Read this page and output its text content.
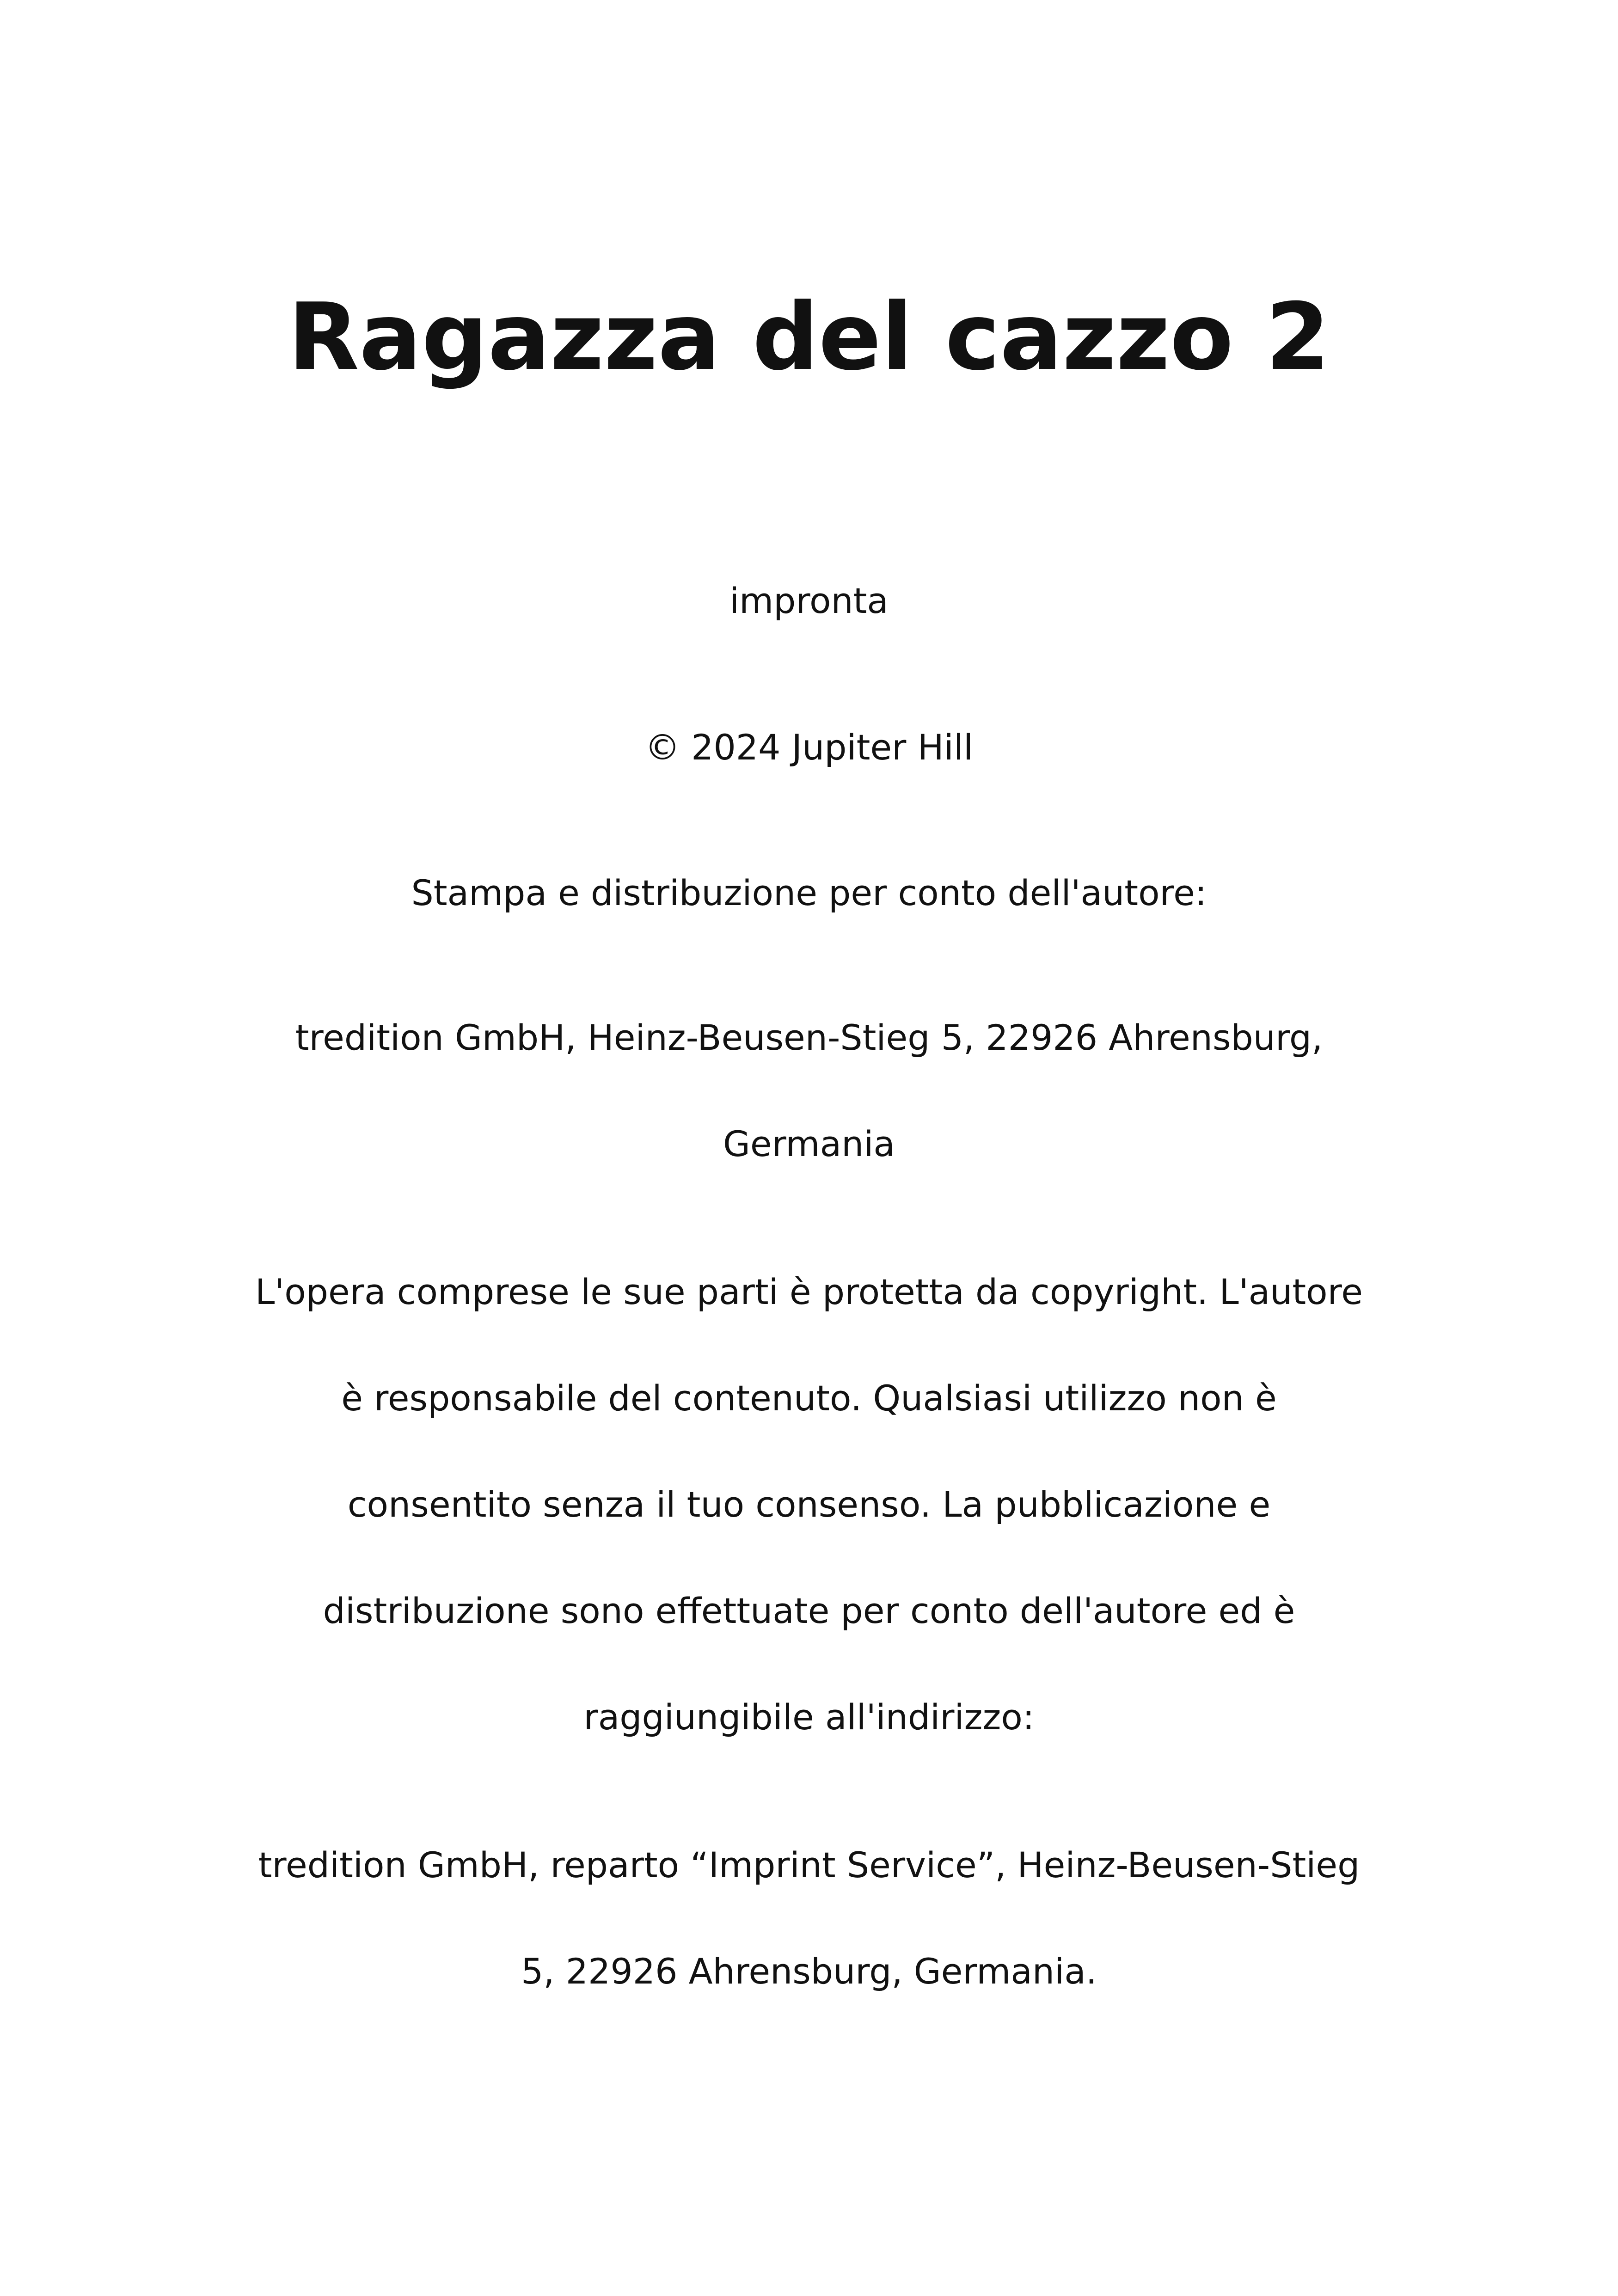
Ragazza del cazzo 2

impronta

© 2024 Jupiter Hill

Stampa e distribuzione per conto dell'autore:

tredition GmbH, Heinz-Beusen-Stieg 5, 22926 Ahrensburg,

Germania

L'opera comprese le sue parti è protetta da copyright. L'autore

è responsabile del contenuto. Qualsiasi utilizzo non è

consentito senza il tuo consenso. La pubblicazione e

distribuzione sono effettuate per conto dell'autore ed è

raggiungibile all'indirizzo:

tredition GmbH, reparto “Imprint Service”, Heinz-Beusen-Stieg

5, 22926 Ahrensburg, Germania.
